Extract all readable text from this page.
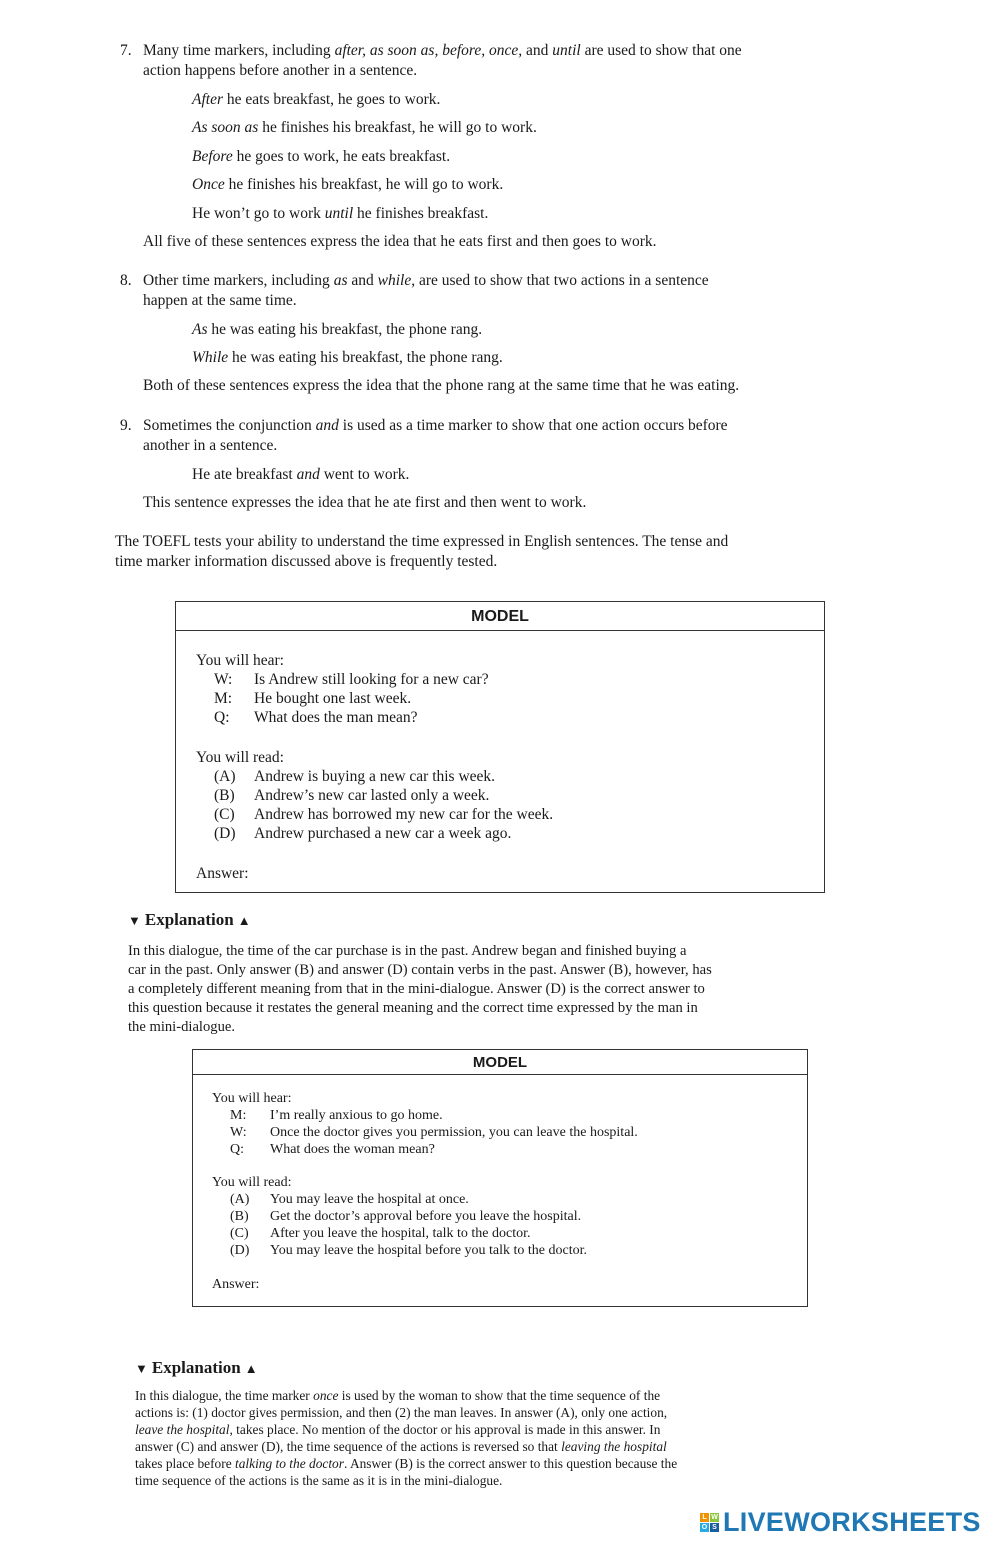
7. Many time markers, including after, as soon as, before, once, and until are used to show that one
action happens before another in a sentence.
After he eats breakfast, he goes to work.
As soon as he finishes his breakfast, he will go to work.
Before he goes to work, he eats breakfast.
Once he finishes his breakfast, he will go to work.
He won’t go to work until he finishes breakfast.
All five of these sentences express the idea that he eats first and then goes to work.
8. Other time markers, including as and while, are used to show that two actions in a sentence
happen at the same time.
As he was eating his breakfast, the phone rang.
While he was eating his breakfast, the phone rang.
Both of these sentences express the idea that the phone rang at the same time that he was eating.
9. Sometimes the conjunction and is used as a time marker to show that one action occurs before
another in a sentence.
He ate breakfast and went to work.
This sentence expresses the idea that he ate first and then went to work.
The TOEFL tests your ability to understand the time expressed in English sentences. The tense and
time marker information discussed above is frequently tested.
MODEL
You will hear:
W: Is Andrew still looking for a new car?
M: He bought one last week.
Q: What does the man mean?
You will read:
(A) Andrew is buying a new car this week.
(B) Andrew’s new car lasted only a week.
(C) Andrew has borrowed my new car for the week.
(D) Andrew purchased a new car a week ago.
Answer:
▼ Explanation ▲
In this dialogue, the time of the car purchase is in the past. Andrew began and finished buying a
car in the past. Only answer (B) and answer (D) contain verbs in the past. Answer (B), however, has
a completely different meaning from that in the mini-dialogue. Answer (D) is the correct answer to
this question because it restates the general meaning and the correct time expressed by the man in
the mini-dialogue.
MODEL
You will hear:
M: I’m really anxious to go home.
W: Once the doctor gives you permission, you can leave the hospital.
Q: What does the woman mean?
You will read:
(A) You may leave the hospital at once.
(B) Get the doctor’s approval before you leave the hospital.
(C) After you leave the hospital, talk to the doctor.
(D) You may leave the hospital before you talk to the doctor.
Answer:
▼ Explanation ▲
In this dialogue, the time marker once is used by the woman to show that the time sequence of the
actions is: (1) doctor gives permission, and then (2) the man leaves. In answer (A), only one action,
leave the hospital, takes place. No mention of the doctor or his approval is made in this answer. In
answer (C) and answer (D), the time sequence of the actions is reversed so that leaving the hospital
takes place before talking to the doctor. Answer (B) is the correct answer to this question because the
time sequence of the actions is the same as it is in the mini-dialogue.
L W
O S LIVEWORKSHEETS
